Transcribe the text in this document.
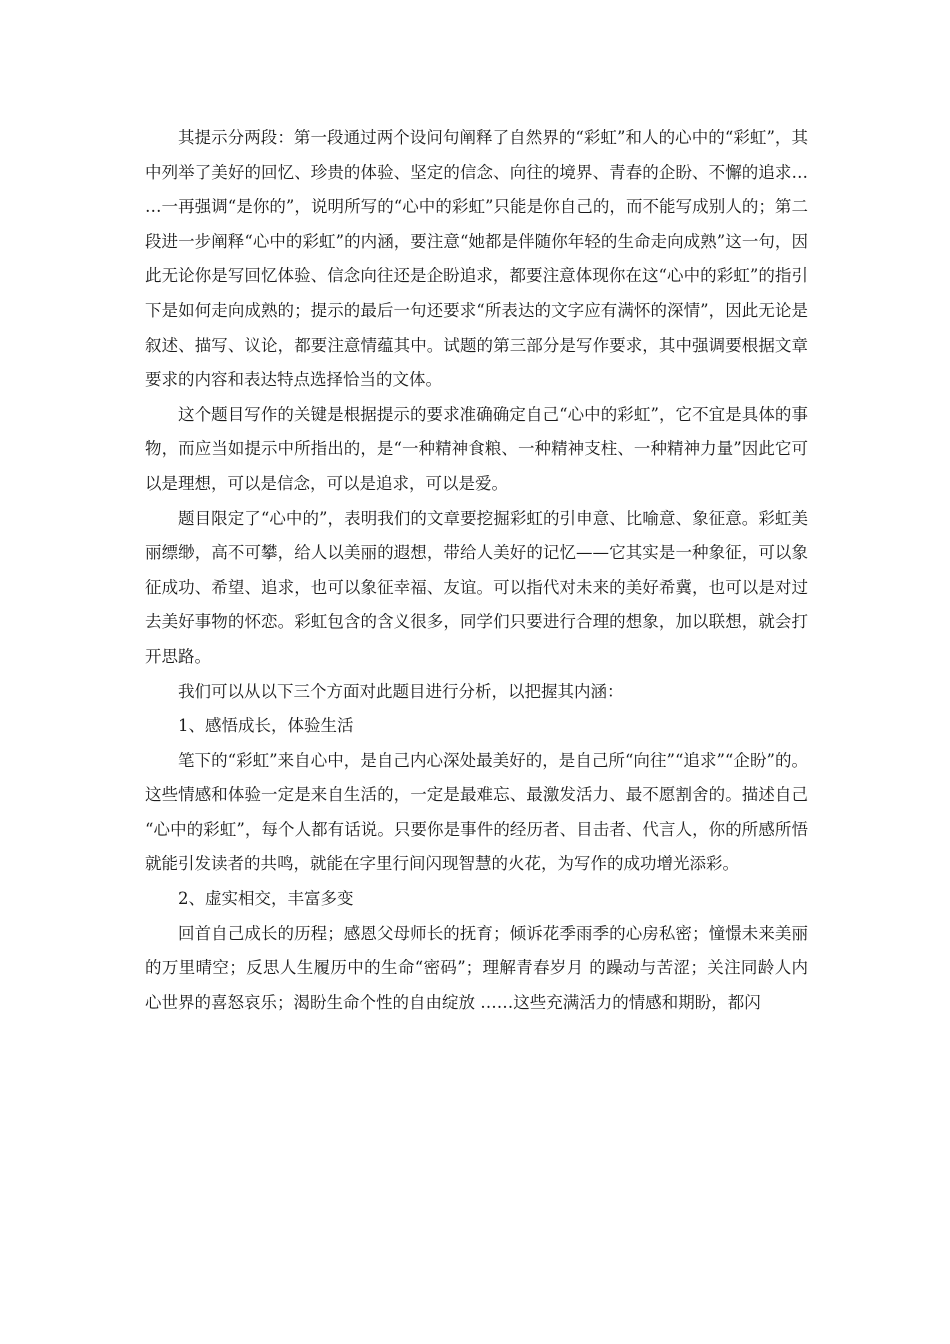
其提示分两段：第一段通过两个设问句阐释了自然界的“彩虹”和人的心中的“彩虹”，其中列举了美好的回忆、珍贵的体验、坚定的信念、向往的境界、青春的企盼、不懈的追求……一再强调“是你的”，说明所写的“心中的彩虹”只能是你自己的，而不能写成别人的；第二段进一步阐释“心中的彩虹”的内涵，要注意“她都是伴随你年轻的生命走向成熟”这一句，因此无论你是写回忆体验、信念向往还是企盼追求，都要注意体现你在这“心中的彩虹”的指引下是如何走向成熟的；提示的最后一句还要求“所表达的文字应有满怀的深情”，因此无论是叙述、描写、议论，都要注意情蕴其中。试题的第三部分是写作要求，其中强调要根据文章要求的内容和表达特点选择恰当的文体。

这个题目写作的关键是根据提示的要求准确确定自己“心中的彩虹”，它不宜是具体的事物，而应当如提示中所指出的，是“一种精神食粮、一种精神支柱、一种精神力量”因此它可以是理想，可以是信念，可以是追求，可以是爱。

题目限定了“心中的”，表明我们的文章要挖掘彩虹的引申意、比喻意、象征意。彩虹美丽缥缈，高不可攀，给人以美丽的遐想，带给人美好的记忆——它其实是一种象征，可以象征成功、希望、追求，也可以象征幸福、友谊。可以指代对未来的美好希冀，也可以是对过去美好事物的怀恋。彩虹包含的含义很多，同学们只要进行合理的想象，加以联想，就会打开思路。

我们可以从以下三个方面对此题目进行分析，以把握其内涵：

1、感悟成长，体验生活

笔下的“彩虹”来自心中，是自己内心深处最美好的，是自己所“向往”“追求”“企盼”的。这些情感和体验一定是来自生活的，一定是最难忘、最激发活力、最不愿割舍的。描述自己“心中的彩虹”，每个人都有话说。只要你是事件的经历者、目击者、代言人，你的所感所悟就能引发读者的共鸣，就能在字里行间闪现智慧的火花，为写作的成功增光添彩。

2、虚实相交，丰富多变

回首自己成长的历程；感恩父母师长的抚育；倾诉花季雨季的心房私密；憧憬未来美丽的万里晴空；反思人生履历中的生命“密码”；理解青春岁月 的躁动与苦涩；关注同龄人内心世界的喜怒哀乐；渴盼生命个性的自由绽放 ……这些充满活力的情感和期盼，都闪
